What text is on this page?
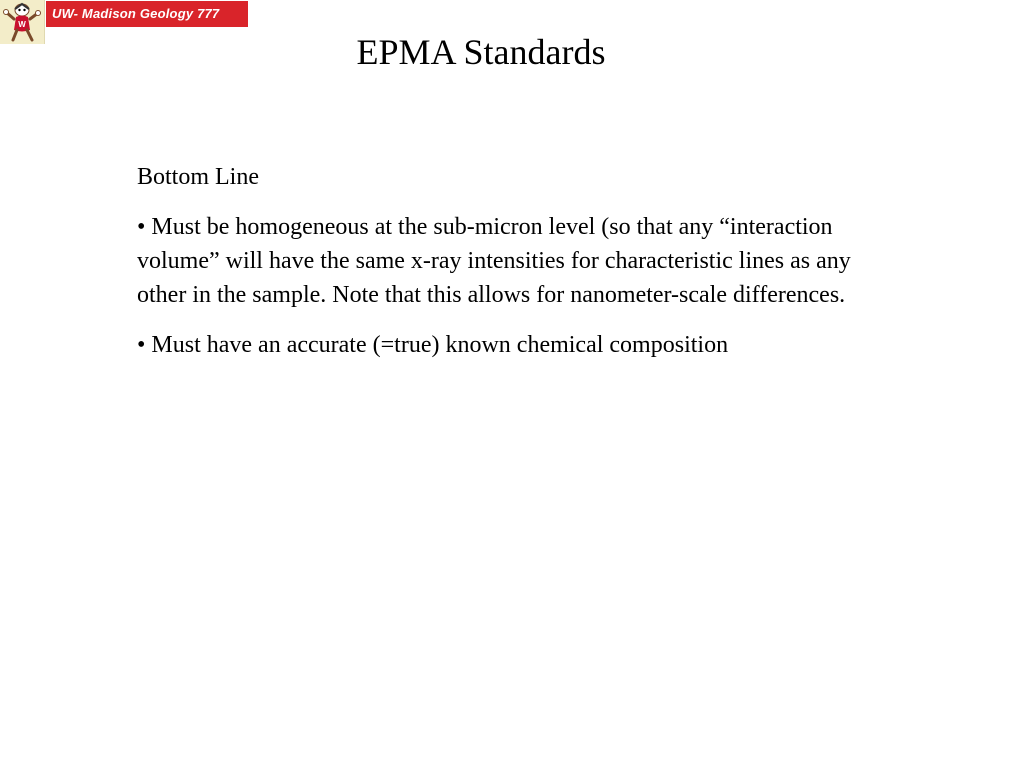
W
UW- Madison Geology 777
EPMA Standards
Bottom Line
• Must be homogeneous at the sub-micron level (so that any “interaction volume” will have the same x-ray intensities for characteristic lines as any other in the sample. Note that this allows for nanometer-scale differences.
• Must have an accurate (=true) known chemical composition
